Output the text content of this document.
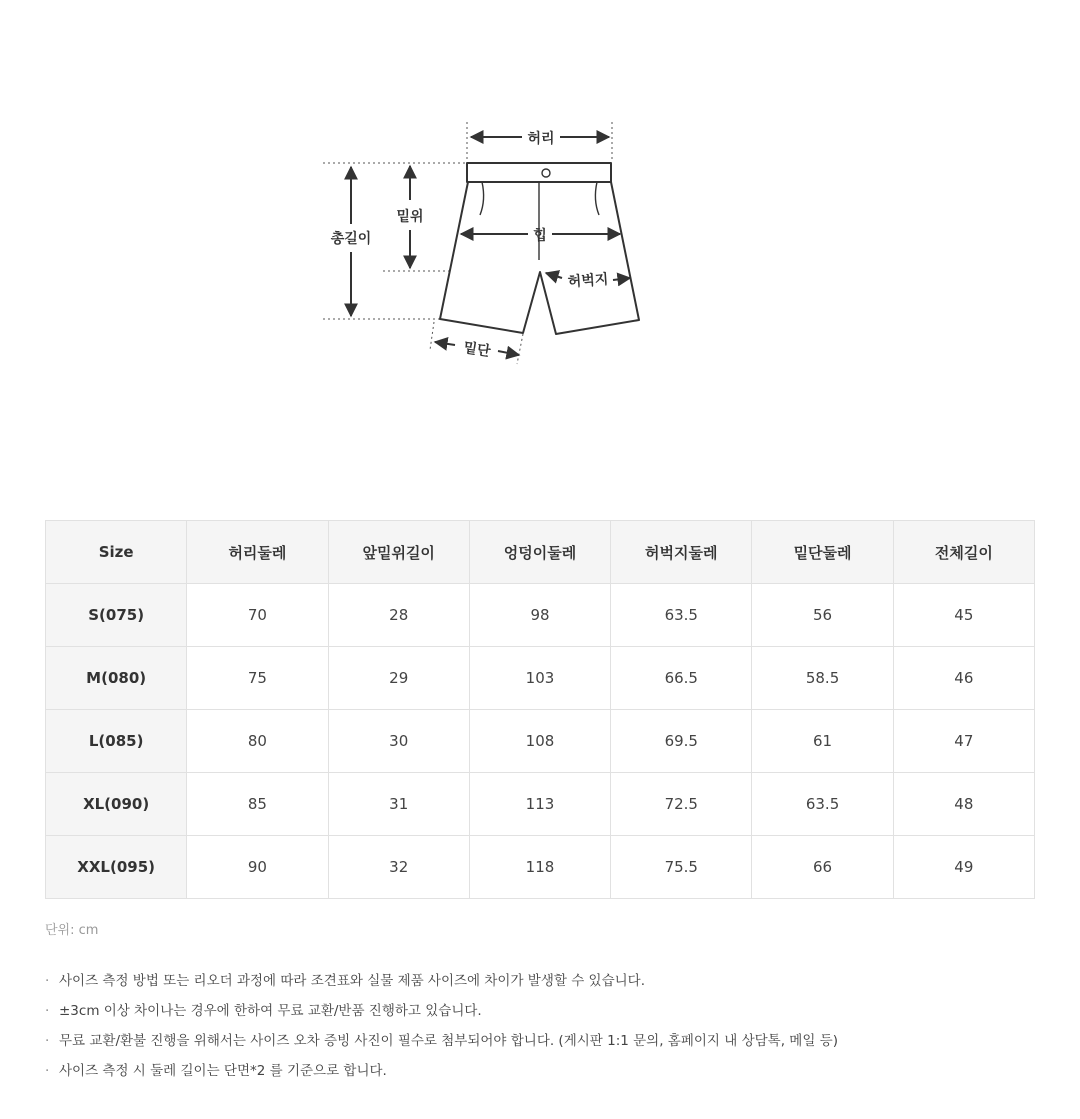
허리
밑위
총길이	힙
허벅지
밑단
Size	허리둘레	앞밑위길이	엉덩이둘레	허벅지둘레	밑단둘레	전체길이
S(075)	70	28	98	63.5	56	45
M(080)	75	29	103	66.5	58.5	46
L(085)	80	30	108	69.5	61	47
XL(090)	85	31	113	72.5	63.5	48
XXL(095)	90	32	118	75.5	66	49
단위: cm
· 사이즈 측정 방법 또는 리오더 과정에 따라 조견표와 실물 제품 사이즈에 차이가 발생할 수 있습니다.
· ±3cm 이상 차이나는 경우에 한하여 무료 교환/반품 진행하고 있습니다.
· 무료 교환/환불 진행을 위해서는 사이즈 오차 증빙 사진이 필수로 첨부되어야 합니다. (게시판 1:1 문의, 홈페이지 내 상담톡, 메일 등)
· 사이즈 측정 시 둘레 길이는 단면*2 를 기준으로 합니다.
